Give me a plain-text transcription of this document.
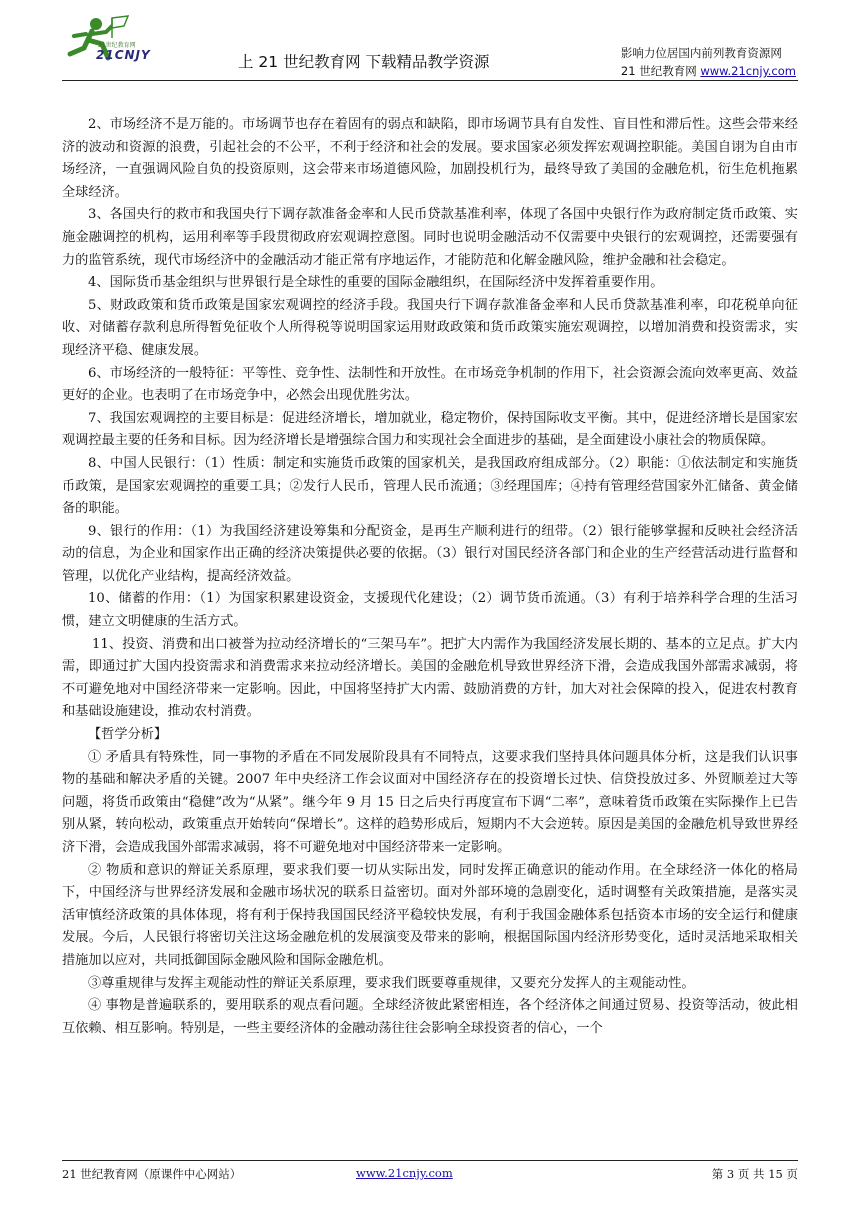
21世纪教育网
21CNJY	上 21 世纪教育网 下载精品教学资源	影响力位居国内前列教育资源网
21 世纪教育网 www.21cnjy.com

2、市场经济不是万能的。市场调节也存在着固有的弱点和缺陷，即市场调节具有自发性、盲目性和滞后性。这些会带来经济的波动和资源的浪费，引起社会的不公平，不利于经济和社会的发展。要求国家必须发挥宏观调控职能。美国自诩为自由市场经济，一直强调风险自负的投资原则，这会带来市场道德风险，加剧投机行为，最终导致了美国的金融危机，衍生危机拖累全球经济。

3、各国央行的救市和我国央行下调存款准备金率和人民币贷款基准利率，体现了各国中央银行作为政府制定货币政策、实施金融调控的机构，运用利率等手段贯彻政府宏观调控意图。同时也说明金融活动不仅需要中央银行的宏观调控，还需要强有力的监管系统，现代市场经济中的金融活动才能正常有序地运作，才能防范和化解金融风险，维护金融和社会稳定。

4、国际货币基金组织与世界银行是全球性的重要的国际金融组织，在国际经济中发挥着重要作用。

5、财政政策和货币政策是国家宏观调控的经济手段。我国央行下调存款准备金率和人民币贷款基准利率，印花税单向征收、对储蓄存款利息所得暂免征收个人所得税等说明国家运用财政政策和货币政策实施宏观调控，以增加消费和投资需求，实现经济平稳、健康发展。

6、市场经济的一般特征：平等性、竞争性、法制性和开放性。在市场竞争机制的作用下，社会资源会流向效率更高、效益更好的企业。也表明了在市场竞争中，必然会出现优胜劣汰。

7、我国宏观调控的主要目标是：促进经济增长，增加就业，稳定物价，保持国际收支平衡。其中，促进经济增长是国家宏观调控最主要的任务和目标。因为经济增长是增强综合国力和实现社会全面进步的基础，是全面建设小康社会的物质保障。

8、中国人民银行：（1）性质：制定和实施货币政策的国家机关，是我国政府组成部分。（2）职能：①依法制定和实施货币政策，是国家宏观调控的重要工具；②发行人民币，管理人民币流通；③经理国库；④持有管理经营国家外汇储备、黄金储备的职能。

9、银行的作用：（1）为我国经济建设筹集和分配资金，是再生产顺利进行的纽带。（2）银行能够掌握和反映社会经济活动的信息，为企业和国家作出正确的经济决策提供必要的依据。（3）银行对国民经济各部门和企业的生产经营活动进行监督和管理，以优化产业结构，提高经济效益。

10、储蓄的作用：（1）为国家积累建设资金，支援现代化建设；（2）调节货币流通。（3）有利于培养科学合理的生活习惯，建立文明健康的生活方式。

11、投资、消费和出口被誉为拉动经济增长的“三架马车”。把扩大内需作为我国经济发展长期的、基本的立足点。扩大内需，即通过扩大国内投资需求和消费需求来拉动经济增长。美国的金融危机导致世界经济下滑，会造成我国外部需求减弱，将不可避免地对中国经济带来一定影响。因此，中国将坚持扩大内需、鼓励消费的方针，加大对社会保障的投入，促进农村教育和基础设施建设，推动农村消费。

【哲学分析】

① 矛盾具有特殊性，同一事物的矛盾在不同发展阶段具有不同特点，这要求我们坚持具体问题具体分析，这是我们认识事物的基础和解决矛盾的关键。2007 年中央经济工作会议面对中国经济存在的投资增长过快、信贷投放过多、外贸顺差过大等问题，将货币政策由“稳健”改为“从紧”。继今年 9 月 15 日之后央行再度宣布下调“二率”，意味着货币政策在实际操作上已告别从紧，转向松动，政策重点开始转向“保增长”。这样的趋势形成后，短期内不大会逆转。原因是美国的金融危机导致世界经济下滑，会造成我国外部需求减弱，将不可避免地对中国经济带来一定影响。

② 物质和意识的辩证关系原理，要求我们要一切从实际出发，同时发挥正确意识的能动作用。在全球经济一体化的格局下，中国经济与世界经济发展和金融市场状况的联系日益密切。面对外部环境的急剧变化，适时调整有关政策措施，是落实灵活审慎经济政策的具体体现，将有利于保持我国国民经济平稳较快发展，有利于我国金融体系包括资本市场的安全运行和健康发展。今后，人民银行将密切关注这场金融危机的发展演变及带来的影响，根据国际国内经济形势变化，适时灵活地采取相关措施加以应对，共同抵御国际金融风险和国际金融危机。

③尊重规律与发挥主观能动性的辩证关系原理，要求我们既要尊重规律，又要充分发挥人的主观能动性。

④ 事物是普遍联系的，要用联系的观点看问题。全球经济彼此紧密相连，各个经济体之间通过贸易、投资等活动，彼此相互依赖、相互影响。特别是，一些主要经济体的金融动荡往往会影响全球投资者的信心，一个

21 世纪教育网（原课件中心网站）	www.21cnjy.com	第 3 页 共 15 页
